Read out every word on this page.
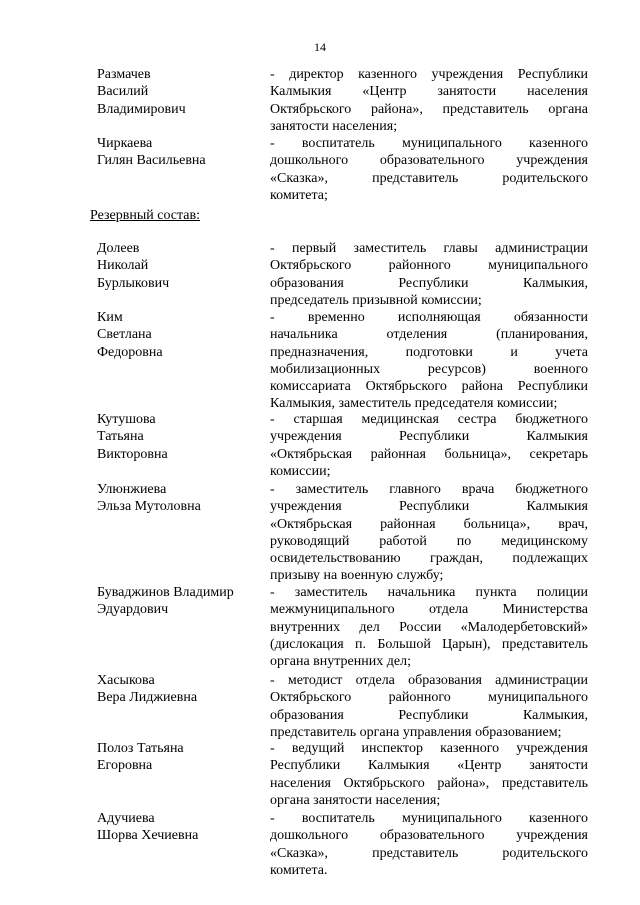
14
Размачев
Василий
Владимирович
- директор казенного учреждения Республики
Калмыкия «Центр занятости населения
Октябрьского района», представитель органа
занятости населения;
Чиркаева
Гилян Васильевна
- воспитатель муниципального казенного
дошкольного образовательного учреждения
«Сказка», представитель родительского
комитета;
Резервный состав:
Долеев
Николай
Бурлыкович
- первый заместитель главы администрации
Октябрьского районного муниципального
образования Республики Калмыкия,
председатель призывной комиссии;
Ким
Светлана
Федоровна
- временно исполняющая обязанности
начальника отделения (планирования,
предназначения, подготовки и учета
мобилизационных ресурсов) военного
комиссариата Октябрьского района Республики
Калмыкия, заместитель председателя комиссии;
Кутушова
Татьяна
Викторовна
- старшая медицинская сестра бюджетного
учреждения Республики Калмыкия
«Октябрьская районная больница», секретарь
комиссии;
Улюнжиева
Эльза Мутоловна
- заместитель главного врача бюджетного
учреждения Республики Калмыкия
«Октябрьская районная больница», врач,
руководящий работой по медицинскому
освидетельствованию граждан, подлежащих
призыву на военную службу;
Буваджинов Владимир
Эдуардович
- заместитель начальника пункта полиции
межмуниципального отдела Министерства
внутренних дел России «Малодербетовский»
(дислокация п. Большой Царын), представитель
органа внутренних дел;
Хасыкова
Вера Лиджиевна
- методист отдела образования администрации
Октябрьского районного муниципального
образования Республики Калмыкия,
представитель органа управления образованием;
Полоз Татьяна
Егоровна
- ведущий инспектор казенного учреждения
Республики Калмыкия «Центр занятости
населения Октябрьского района», представитель
органа занятости населения;
Адучиева
Шорва Хечиевна
- воспитатель муниципального казенного
дошкольного образовательного учреждения
«Сказка», представитель родительского
комитета.
